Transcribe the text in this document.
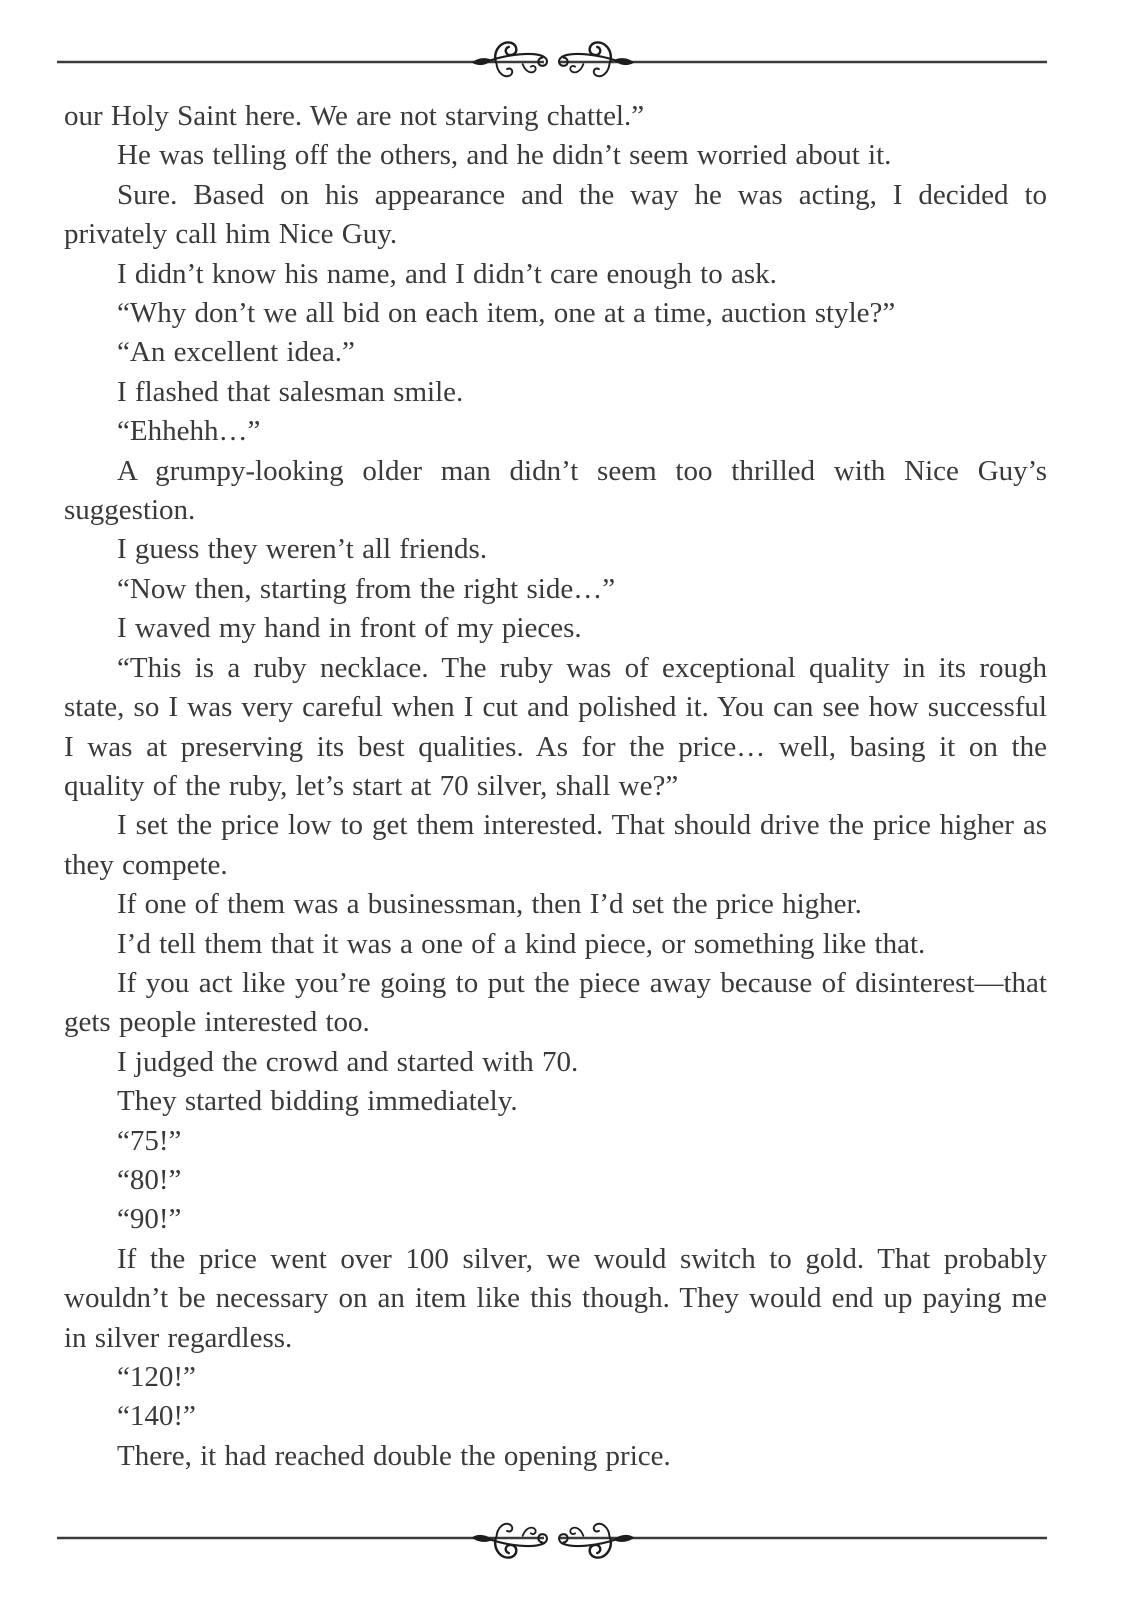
our Holy Saint here. We are not starving chattel.”

He was telling off the others, and he didn’t seem worried about it.

Sure. Based on his appearance and the way he was acting, I decided to privately call him Nice Guy.

I didn’t know his name, and I didn’t care enough to ask.

“Why don’t we all bid on each item, one at a time, auction style?”

“An excellent idea.”

I flashed that salesman smile.

“Ehhehh…”

A grumpy-looking older man didn’t seem too thrilled with Nice Guy’s suggestion.

I guess they weren’t all friends.

“Now then, starting from the right side…”

I waved my hand in front of my pieces.

“This is a ruby necklace. The ruby was of exceptional quality in its rough state, so I was very careful when I cut and polished it. You can see how successful I was at preserving its best qualities. As for the price… well, basing it on the quality of the ruby, let’s start at 70 silver, shall we?”

I set the price low to get them interested. That should drive the price higher as they compete.

If one of them was a businessman, then I’d set the price higher.

I’d tell them that it was a one of a kind piece, or something like that.

If you act like you’re going to put the piece away because of disinterest—that gets people interested too.

I judged the crowd and started with 70.

They started bidding immediately.

“75!”

“80!”

“90!”

If the price went over 100 silver, we would switch to gold. That probably wouldn’t be necessary on an item like this though. They would end up paying me in silver regardless.

“120!”

“140!”

There, it had reached double the opening price.
